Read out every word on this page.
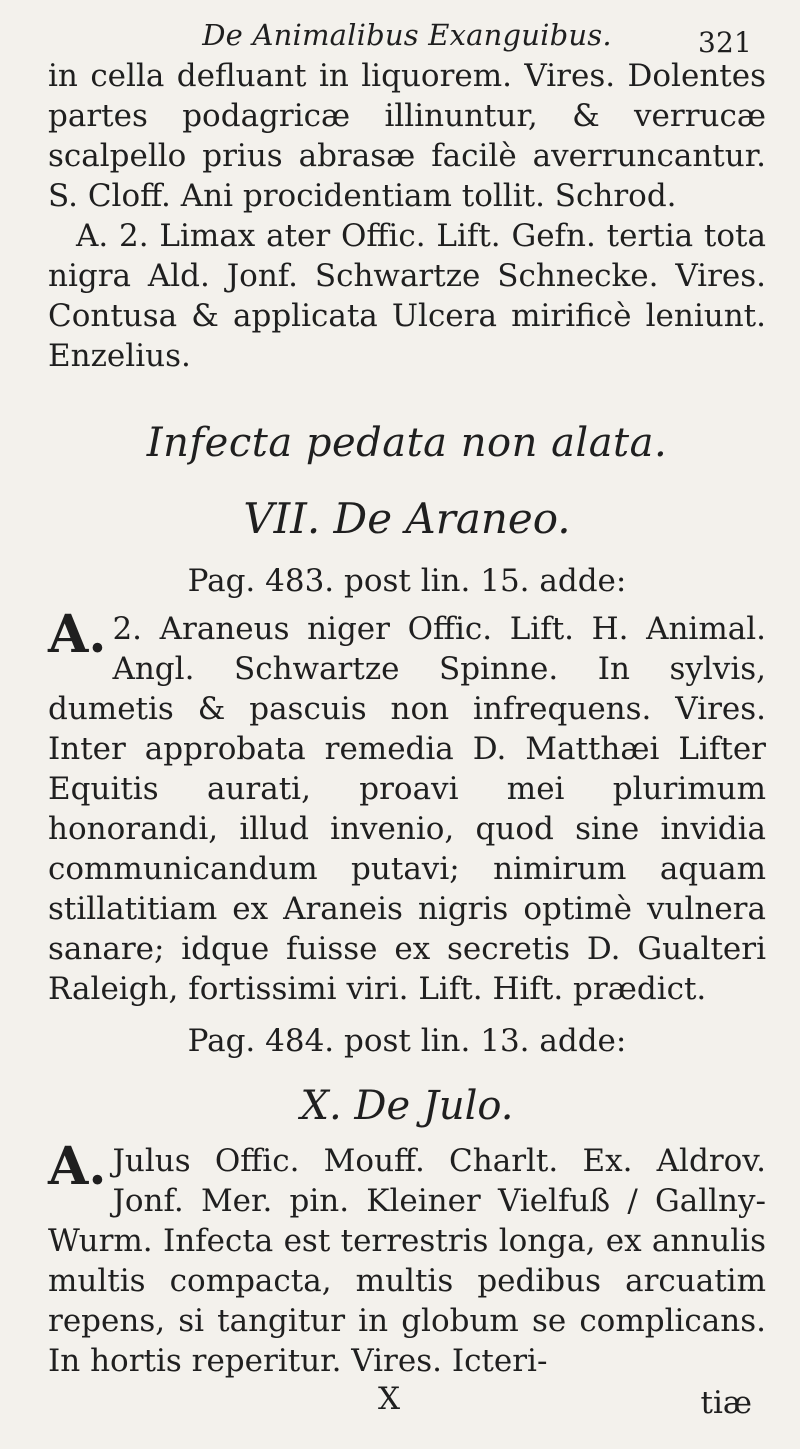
De Animalibus Exanguibus.	321

in cella defluant in liquorem. Vires. Dolentes partes podagricæ illinuntur, & verrucæ scalpello prius abrasæ facilè averruncantur. S. Cloff. Ani procidentiam tollit. Schrod.

A. 2. Limax ater Offic. Lift. Gefn. tertia tota nigra Ald. Jonf. Schwartze Schnecke. Vires. Contusa & applicata Ulcera mirificè leniunt. Enzelius.

Infecta pedata non alata.
VII. De Araneo.
Pag. 483. post lin. 15. adde:

A. 2. Araneus niger Offic. Lift. H. Animal. Angl. Schwartze Spinne. In sylvis, dumetis & pascuis non infrequens. Vires. Inter approbata remedia D. Matthæi Lifter Equitis aurati, proavi mei plurimum honorandi, illud invenio, quod sine invidia communicandum putavi; nimirum aquam stillatitiam ex Araneis nigris optimè vulnera sanare; idque fuisse ex secretis D. Gualteri Raleigh, fortissimi viri. Lift. Hift. prædict.

Pag. 484. post lin. 13. adde:
X. De Julo.

A. Julus Offic. Mouff. Charlt. Ex. Aldrov. Jonf. Mer. pin. Kleiner Vielfuß / Gallny-Wurm. Infecta est terrestris longa, ex annulis multis compacta, multis pedibus arcuatim repens, si tangitur in globum se complicans. In hortis reperitur. Vires. Icteri-

X	tiæ
